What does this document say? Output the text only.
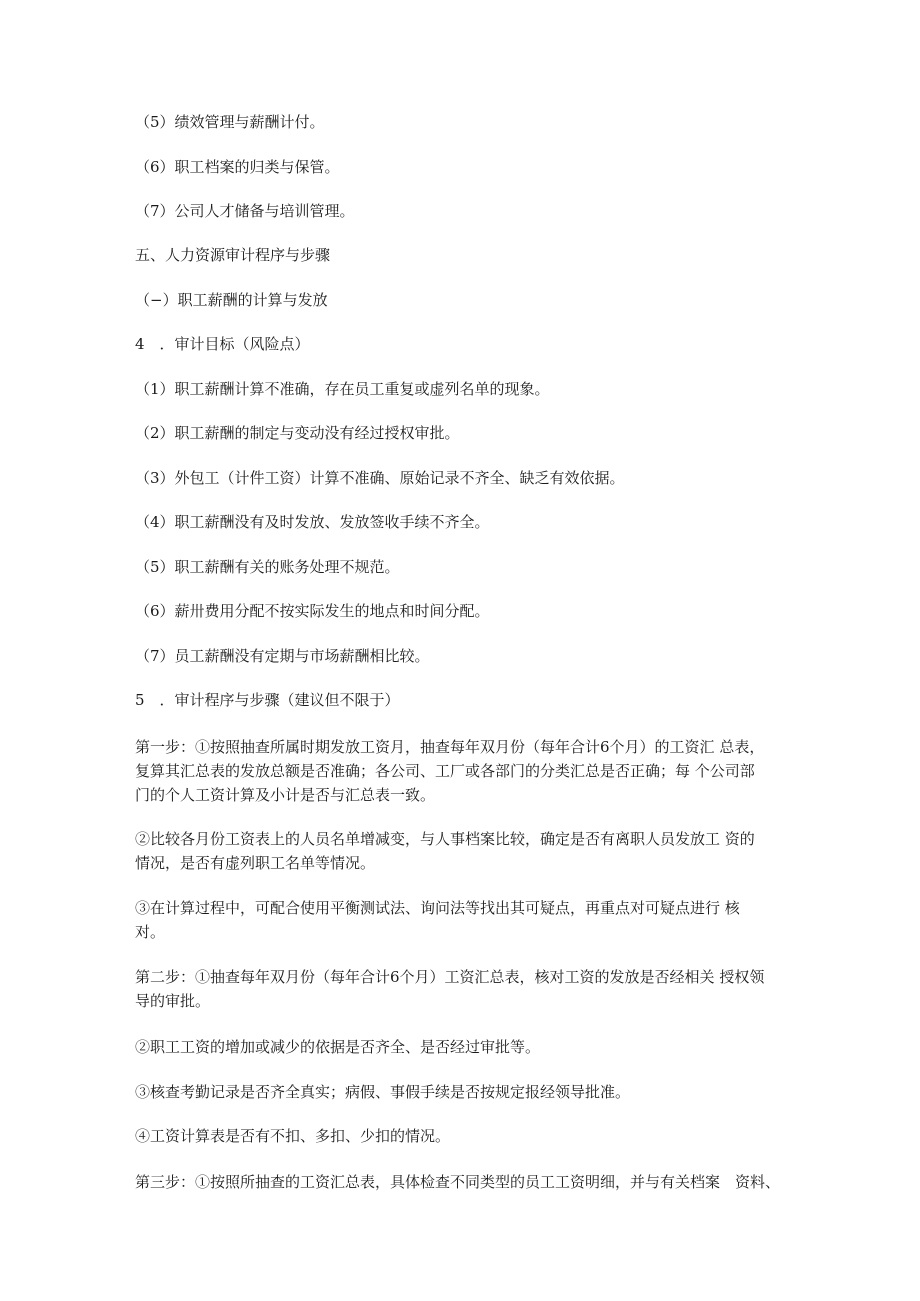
（5）绩效管理与薪酬计付。

（6）职工档案的归类与保管。

（7）公司人才储备与培训管理。

五、人力资源审计程序与步骤

（−）职工薪酬的计算与发放

4　．审计目标（风险点）

（1）职工薪酬计算不准确，存在员工重复或虚列名单的现象。

（2）职工薪酬的制定与变动没有经过授权审批。

（3）外包工（计件工资）计算不准确、原始记录不齐全、缺乏有效依据。

（4）职工薪酬没有及时发放、发放签收手续不齐全。

（5）职工薪酬有关的账务处理不规范。

（6）薪卅费用分配不按实际发生的地点和时间分配。

（7）员工薪酬没有定期与市场薪酬相比较。

5　．审计程序与步骤（建议但不限于）

第一步：①按照抽查所属时期发放工资月，抽查每年双月份（每年合计6个月）的工资汇 总表，
复算其汇总表的发放总额是否准确；各公司、工厂或各部门的分类汇总是否正确；每 个公司部
门的个人工资计算及小计是否与汇总表一致。

②比较各月份工资表上的人员名单增减变，与人事档案比较，确定是否有离职人员发放工 资的
情况，是否有虚列职工名单等情况。

③在计算过程中，可配合使用平衡测试法、询问法等找出其可疑点，再重点对可疑点进行 核
对。

第二步：①抽查每年双月份（每年合计6个月）工资汇总表，核对工资的发放是否经相关 授权领
导的审批。

②职工工资的增加或减少的依据是否齐全、是否经过审批等。

③核查考勤记录是否齐全真实；病假、事假手续是否按规定报经领导批准。

④工资计算表是否有不扣、多扣、少扣的情况。

第三步：①按照所抽查的工资汇总表，具体检查不同类型的员工工资明细，并与有关档案　资料、
